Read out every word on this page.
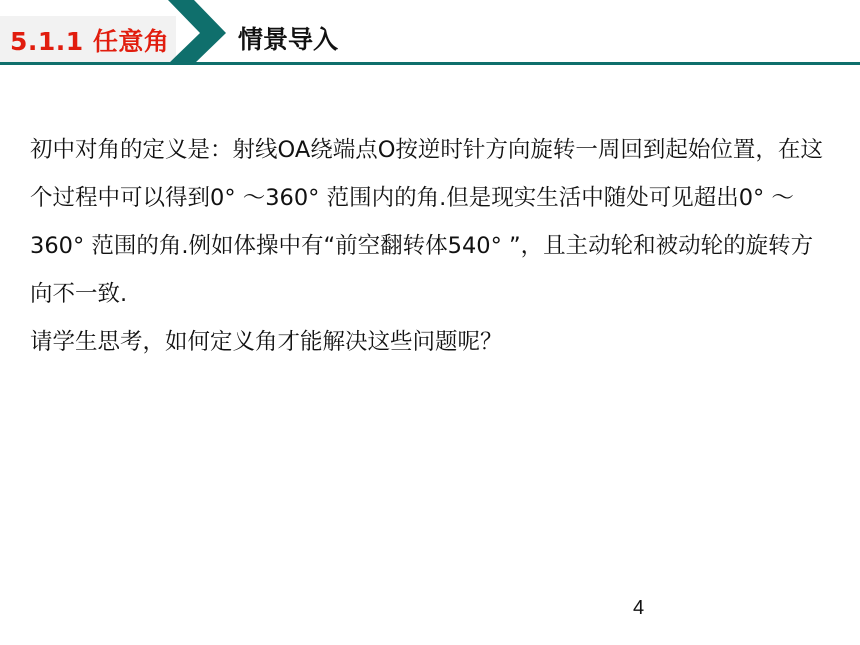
5.1.1 任意角	情景导入

初中对角的定义是：射线OA绕端点O按逆时针方向旋转一周回到起始位置，在这个过程中可以得到0° ～360° 范围内的角.但是现实生活中随处可见超出0° ～360° 范围的角.例如体操中有“前空翻转体540° ”，且主动轮和被动轮的旋转方向不一致.

请学生思考，如何定义角才能解决这些问题呢？

4
